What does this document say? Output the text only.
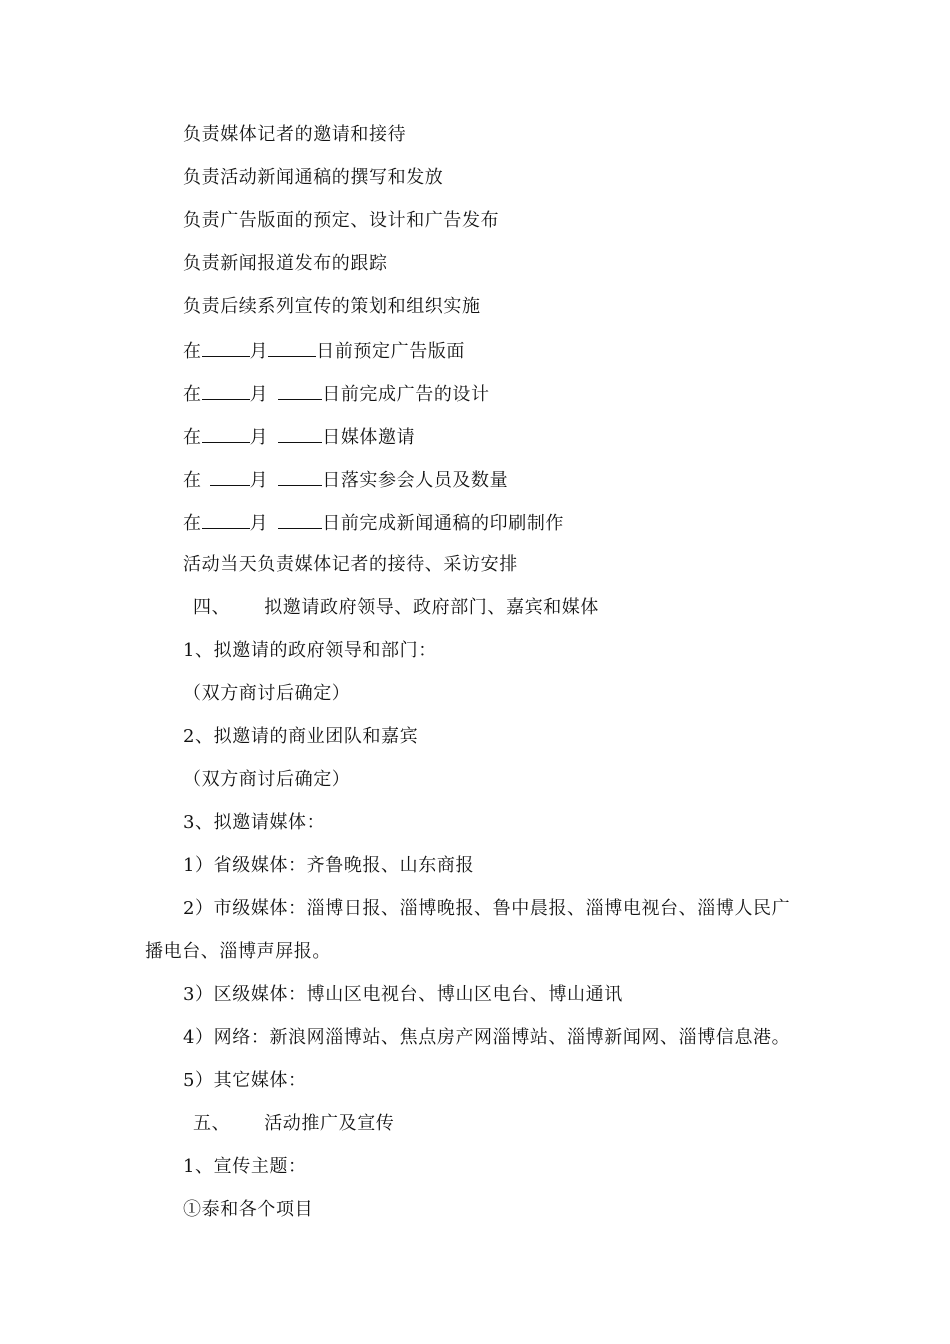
负责媒体记者的邀请和接待
负责活动新闻通稿的撰写和发放
负责广告版面的预定、设计和广告发布
负责新闻报道发布的跟踪
负责后续系列宣传的策划和组织实施
在	月	日前预定广告版面
在	月	日前完成广告的设计
在	月	日媒体邀请
在	月	日落实参会人员及数量
在	月	日前完成新闻通稿的印刷制作
活动当天负责媒体记者的接待、采访安排
四、 拟邀请政府领导、政府部门、嘉宾和媒体
1、拟邀请的政府领导和部门：
（双方商讨后确定）
2、拟邀请的商业团队和嘉宾
（双方商讨后确定）
3、拟邀请媒体：
1）省级媒体：齐鲁晚报、山东商报
2）市级媒体：淄博日报、淄博晚报、鲁中晨报、淄博电视台、淄博人民广
播电台、淄博声屏报。
3）区级媒体：博山区电视台、博山区电台、博山通讯
4）网络：新浪网淄博站、焦点房产网淄博站、淄博新闻网、淄博信息港。
5）其它媒体：
五、 活动推广及宣传
1、宣传主题：
①泰和各个项目
